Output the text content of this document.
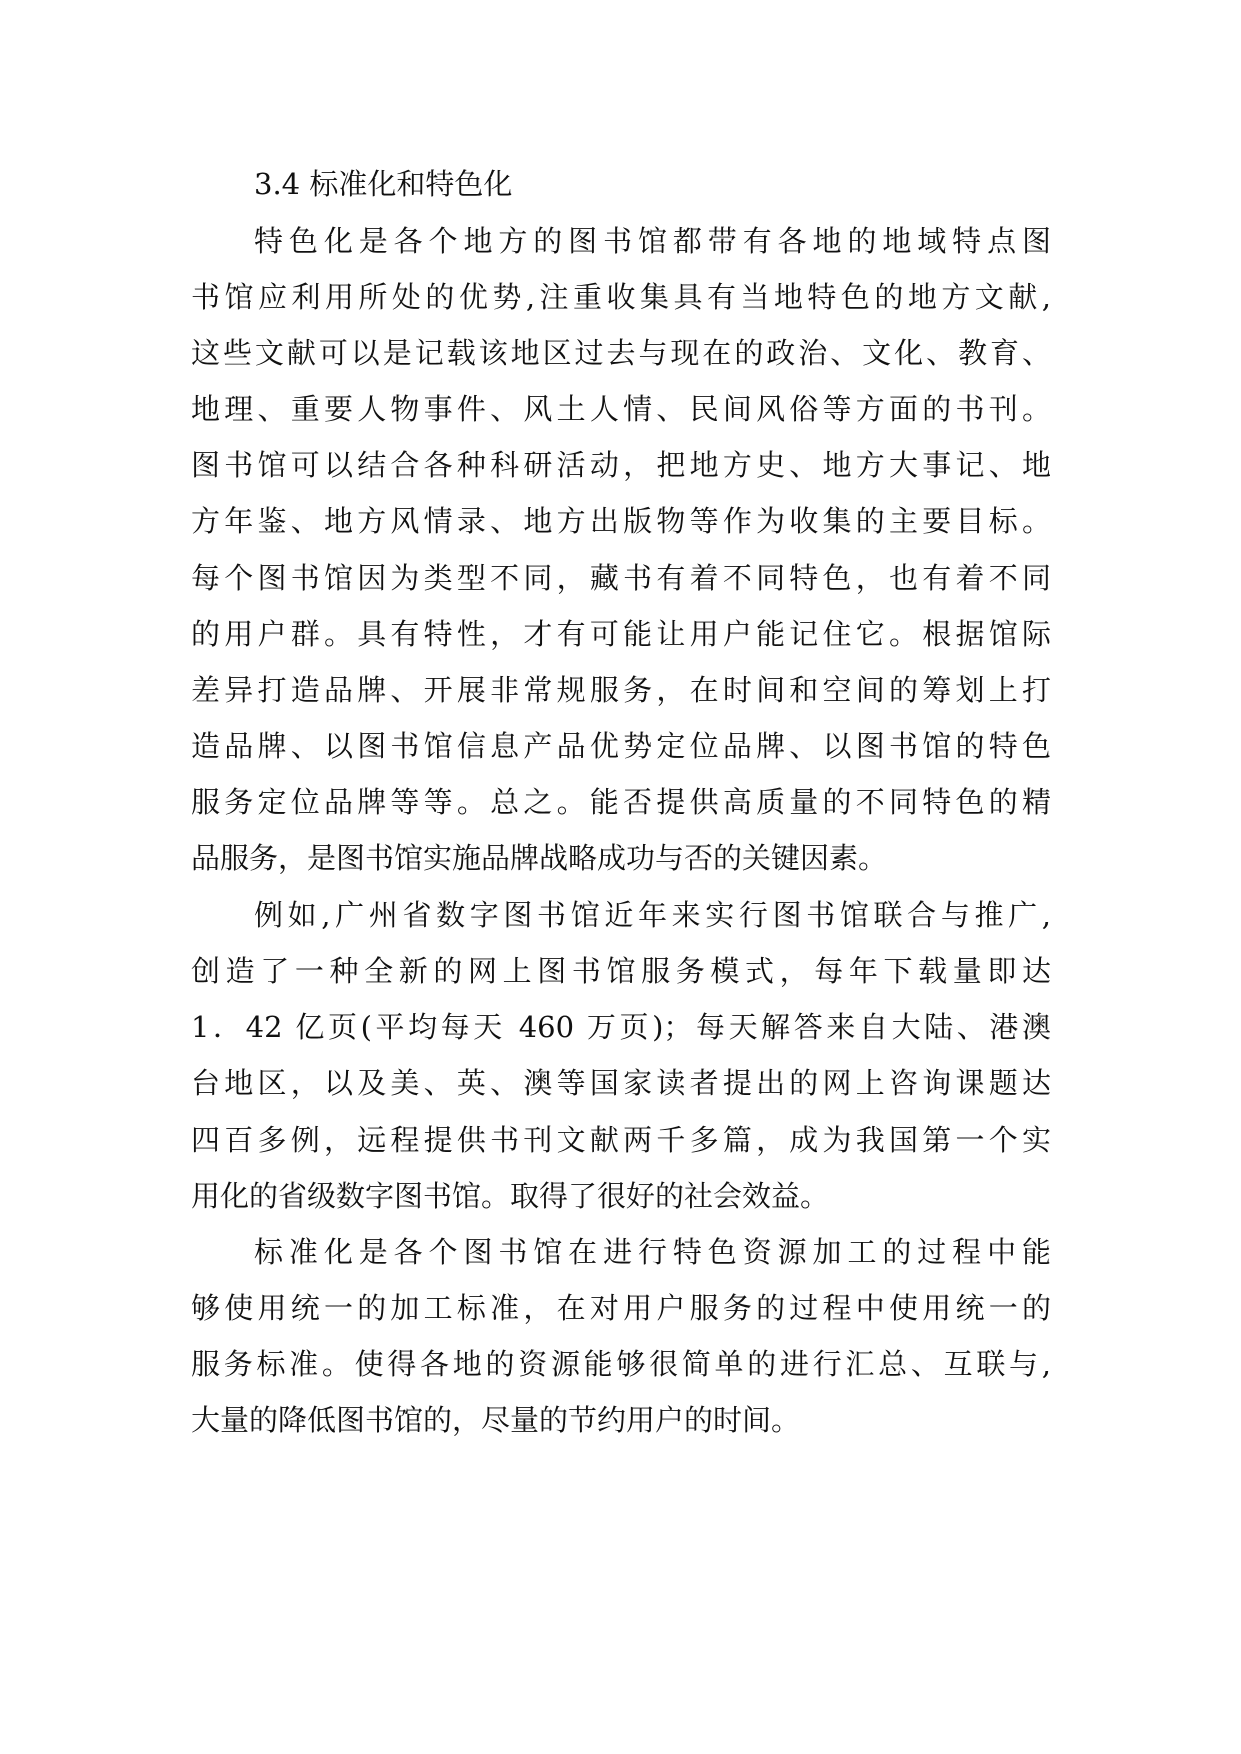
3.4 标准化和特色化
特色化是各个地方的图书馆都带有各地的地域特点图
书馆应利用所处的优势,注重收集具有当地特色的地方文献,
这些文献可以是记载该地区过去与现在的政治、文化、教育、
地理、重要人物事件、风土人情、民间风俗等方面的书刊。
图书馆可以结合各种科研活动，把地方史、地方大事记、地
方年鉴、地方风情录、地方出版物等作为收集的主要目标。
每个图书馆因为类型不同，藏书有着不同特色，也有着不同
的用户群。具有特性，才有可能让用户能记住它。根据馆际
差异打造品牌、开展非常规服务，在时间和空间的筹划上打
造品牌、以图书馆信息产品优势定位品牌、以图书馆的特色
服务定位品牌等等。总之。能否提供高质量的不同特色的精
品服务，是图书馆实施品牌战略成功与否的关键因素。
例如,广州省数字图书馆近年来实行图书馆联合与推广,
创造了一种全新的网上图书馆服务模式，每年下载量即达
1．42 亿页(平均每天 460 万页)；每天解答来自大陆、港澳
台地区，以及美、英、澳等国家读者提出的网上咨询课题达
四百多例，远程提供书刊文献两千多篇，成为我国第一个实
用化的省级数字图书馆。取得了很好的社会效益。
标准化是各个图书馆在进行特色资源加工的过程中能
够使用统一的加工标准，在对用户服务的过程中使用统一的
服务标准。使得各地的资源能够很简单的进行汇总、互联与,
大量的降低图书馆的，尽量的节约用户的时间。
